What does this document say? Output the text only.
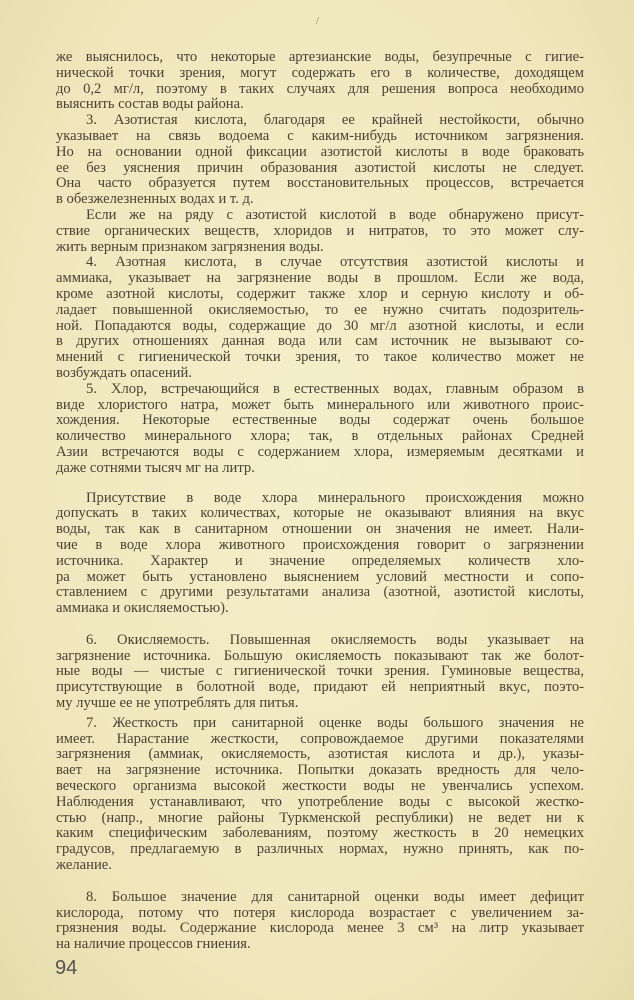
/
же выяснилось, что некоторые артезианские воды, безупречные с гигие-
нической точки зрения, могут содержать его в количестве, доходящем
до 0,2 мг/л, поэтому в таких случаях для решения вопроса необходимо
выяснить состав воды района.
3. Азотистая кислота, благодаря ее крайней нестойкости, обычно
указывает на связь водоема с каким-нибудь источником загрязнения.
Но на основании одной фиксации азотистой кислоты в воде браковать
ее без уяснения причин образования азотистой кислоты не следует.
Она часто образуется путем восстановительных процессов, встречается
в обезжелезненных водах и т. д.
Если же на ряду с азотистой кислотой в воде обнаружено присут-
ствие органических веществ, хлоридов и нитратов, то это может слу-
жить верным признаком загрязнения воды.
4. Азотная кислота, в случае отсутствия азотистой кислоты и
аммиака, указывает на загрязнение воды в прошлом. Если же вода,
кроме азотной кислоты, содержит также хлор и серную кислоту и об-
ладает повышенной окисляемостью, то ее нужно считать подозритель-
ной. Попадаются воды, содержащие до 30 мг/л азотной кислоты, и если
в других отношениях данная вода или сам источник не вызывают со-
мнений с гигиенической точки зрения, то такое количество может не
возбуждать опасений.
5. Хлор, встречающийся в естественных водах, главным образом в
виде хлористого натра, может быть минерального или животного проис-
хождения. Некоторые естественные воды содержат очень большое
количество минерального хлора; так, в отдельных районах Средней
Азии встречаются воды с содержанием хлора, измеряемым десятками и
даже сотнями тысяч мг на литр.
Присутствие в воде хлора минерального происхождения можно
допускать в таких количествах, которые не оказывают влияния на вкус
воды, так как в санитарном отношении он значения не имеет. Нали-
чие в воде хлора животного происхождения говорит о загрязнении
источника. Характер и значение определяемых количеств хло-
ра может быть установлено выяснением условий местности и сопо-
ставлением с другими результатами анализа (азотной, азотистой кислоты,
аммиака и окисляемостью).
6. Окисляемость. Повышенная окисляемость воды указывает на
загрязнение источника. Большую окисляемость показывают так же болот-
ные воды — чистые с гигиенической точки зрения. Гуминовые вещества,
присутствующие в болотной воде, придают ей неприятный вкус, поэто-
му лучше ее не употреблять для питья.
7. Жесткость при санитарной оценке воды большого значения не
имеет. Нарастание жесткости, сопровождаемое другими показателями
загрязнения (аммиак, окисляемость, азотистая кислота и др.), указы-
вает на загрязнение источника. Попытки доказать вредность для чело-
веческого организма высокой жесткости воды не увенчались успехом.
Наблюдения устанавливают, что употребление воды с высокой жестко-
стью (напр., многие районы Туркменской республики) не ведет ни к
каким специфическим заболеваниям, поэтому жесткость в 20 немецких
градусов, предлагаемую в различных нормах, нужно принять, как по-
желание.
8. Большое значение для санитарной оценки воды имеет дефицит
кислорода, потому что потеря кислорода возрастает с увеличением за-
грязнения воды. Содержание кислорода менее 3 см³ на литр указывает
на наличие процессов гниения.
94
